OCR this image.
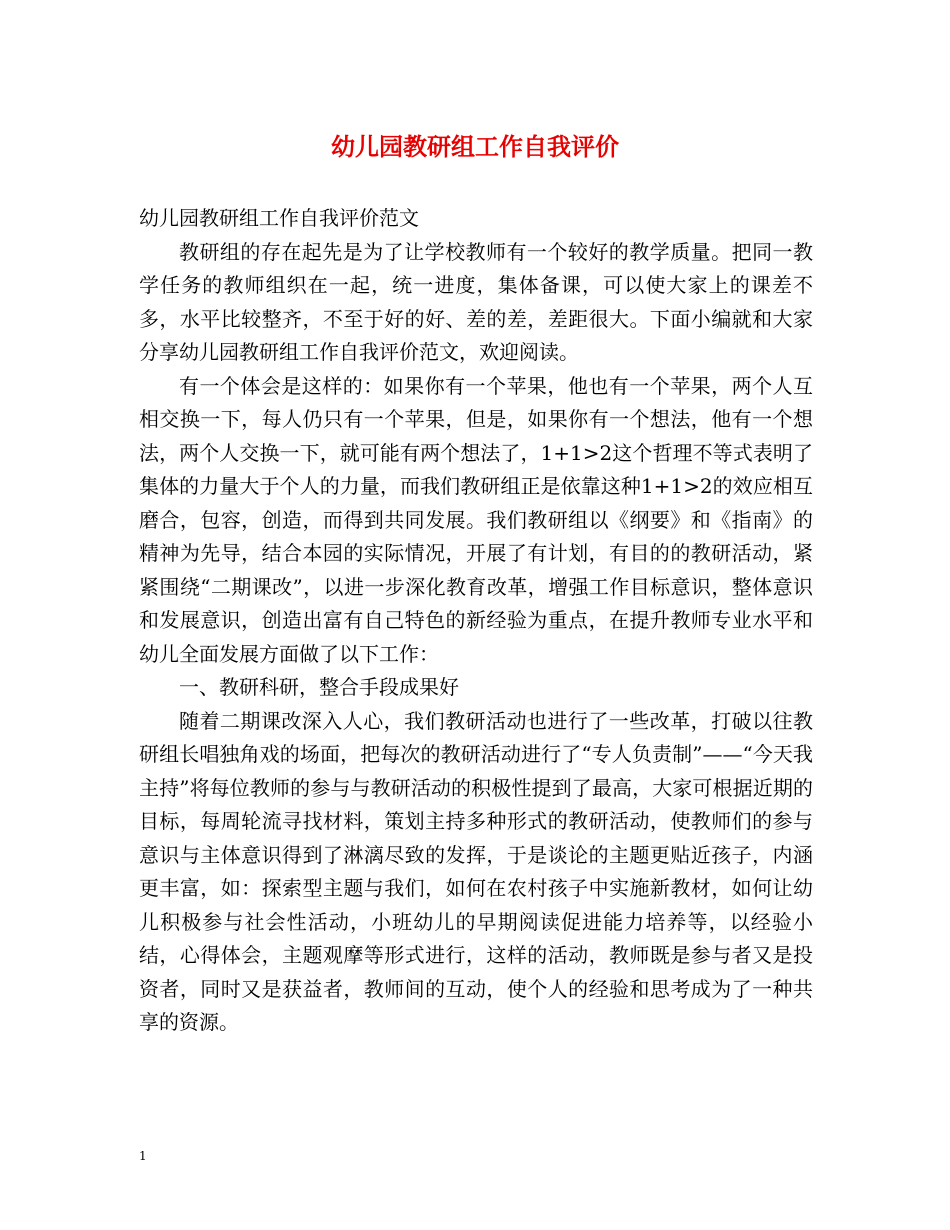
幼儿园教研组工作自我评价

幼儿园教研组工作自我评价范文

教研组的存在起先是为了让学校教师有一个较好的教学质量。把同一教学任务的教师组织在一起，统一进度，集体备课，可以使大家上的课差不多，水平比较整齐，不至于好的好、差的差，差距很大。下面小编就和大家分享幼儿园教研组工作自我评价范文，欢迎阅读。

有一个体会是这样的：如果你有一个苹果，他也有一个苹果，两个人互相交换一下，每人仍只有一个苹果，但是，如果你有一个想法，他有一个想法，两个人交换一下，就可能有两个想法了，1+1>2这个哲理不等式表明了集体的力量大于个人的力量，而我们教研组正是依靠这种1+1>2的效应相互磨合，包容，创造，而得到共同发展。我们教研组以《纲要》和《指南》的精神为先导，结合本园的实际情况，开展了有计划，有目的的教研活动，紧紧围绕“二期课改”，以进一步深化教育改革，增强工作目标意识，整体意识和发展意识，创造出富有自己特色的新经验为重点，在提升教师专业水平和幼儿全面发展方面做了以下工作：

一、教研科研，整合手段成果好

随着二期课改深入人心，我们教研活动也进行了一些改革，打破以往教研组长唱独角戏的场面，把每次的教研活动进行了“专人负责制”——“今天我主持”将每位教师的参与与教研活动的积极性提到了最高，大家可根据近期的目标，每周轮流寻找材料，策划主持多种形式的教研活动，使教师们的参与意识与主体意识得到了淋漓尽致的发挥，于是谈论的主题更贴近孩子，内涵更丰富，如：探索型主题与我们，如何在农村孩子中实施新教材，如何让幼儿积极参与社会性活动，小班幼儿的早期阅读促进能力培养等，以经验小结，心得体会，主题观摩等形式进行，这样的活动，教师既是参与者又是投资者，同时又是获益者，教师间的互动，使个人的经验和思考成为了一种共享的资源。

1
